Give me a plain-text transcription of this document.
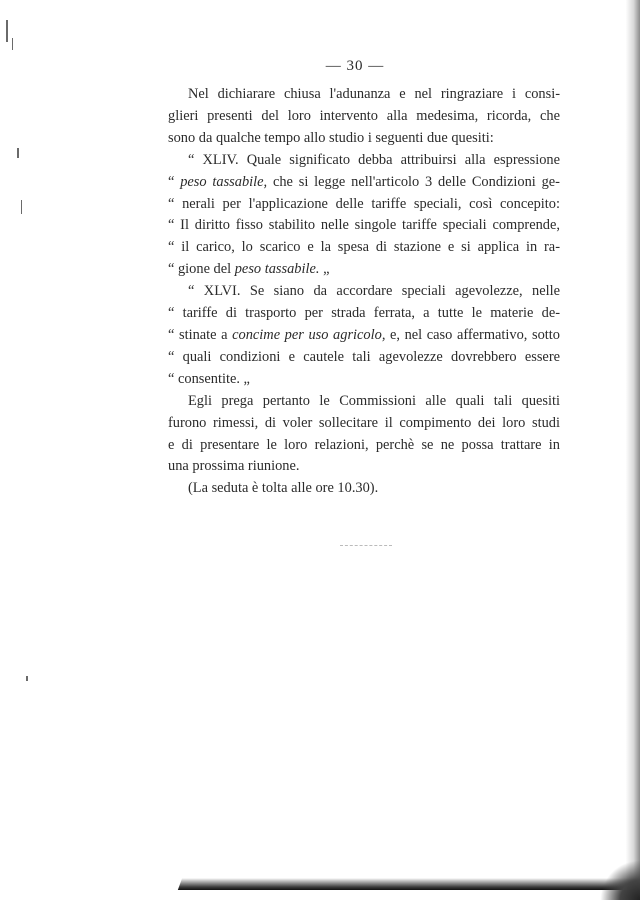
— 30 —

Nel dichiarare chiusa l'adunanza e nel ringraziare i consi-
glieri presenti del loro intervento alla medesima, ricorda, che
sono da qualche tempo allo studio i seguenti due quesiti:

“ XLIV. Quale significato debba attribuirsi alla espressione
“ peso tassabile, che si legge nell'articolo 3 delle Condizioni ge-
“ nerali per l'applicazione delle tariffe speciali, così concepito:
“ Il diritto fisso stabilito nelle singole tariffe speciali comprende,
“ il carico, lo scarico e la spesa di stazione e si applica in ra-
“ gione del peso tassabile. „

“ XLVI. Se siano da accordare speciali agevolezze, nelle
“ tariffe di trasporto per strada ferrata, a tutte le materie de-
“ stinate a concime per uso agricolo, e, nel caso affermativo, sotto
“ quali condizioni e cautele tali agevolezze dovrebbero essere
“ consentite. „

Egli prega pertanto le Commissioni alle quali tali quesiti
furono rimessi, di voler sollecitare il compimento dei loro studi
e di presentare le loro relazioni, perchè se ne possa trattare in
una prossima riunione.

(La seduta è tolta alle ore 10.30).
